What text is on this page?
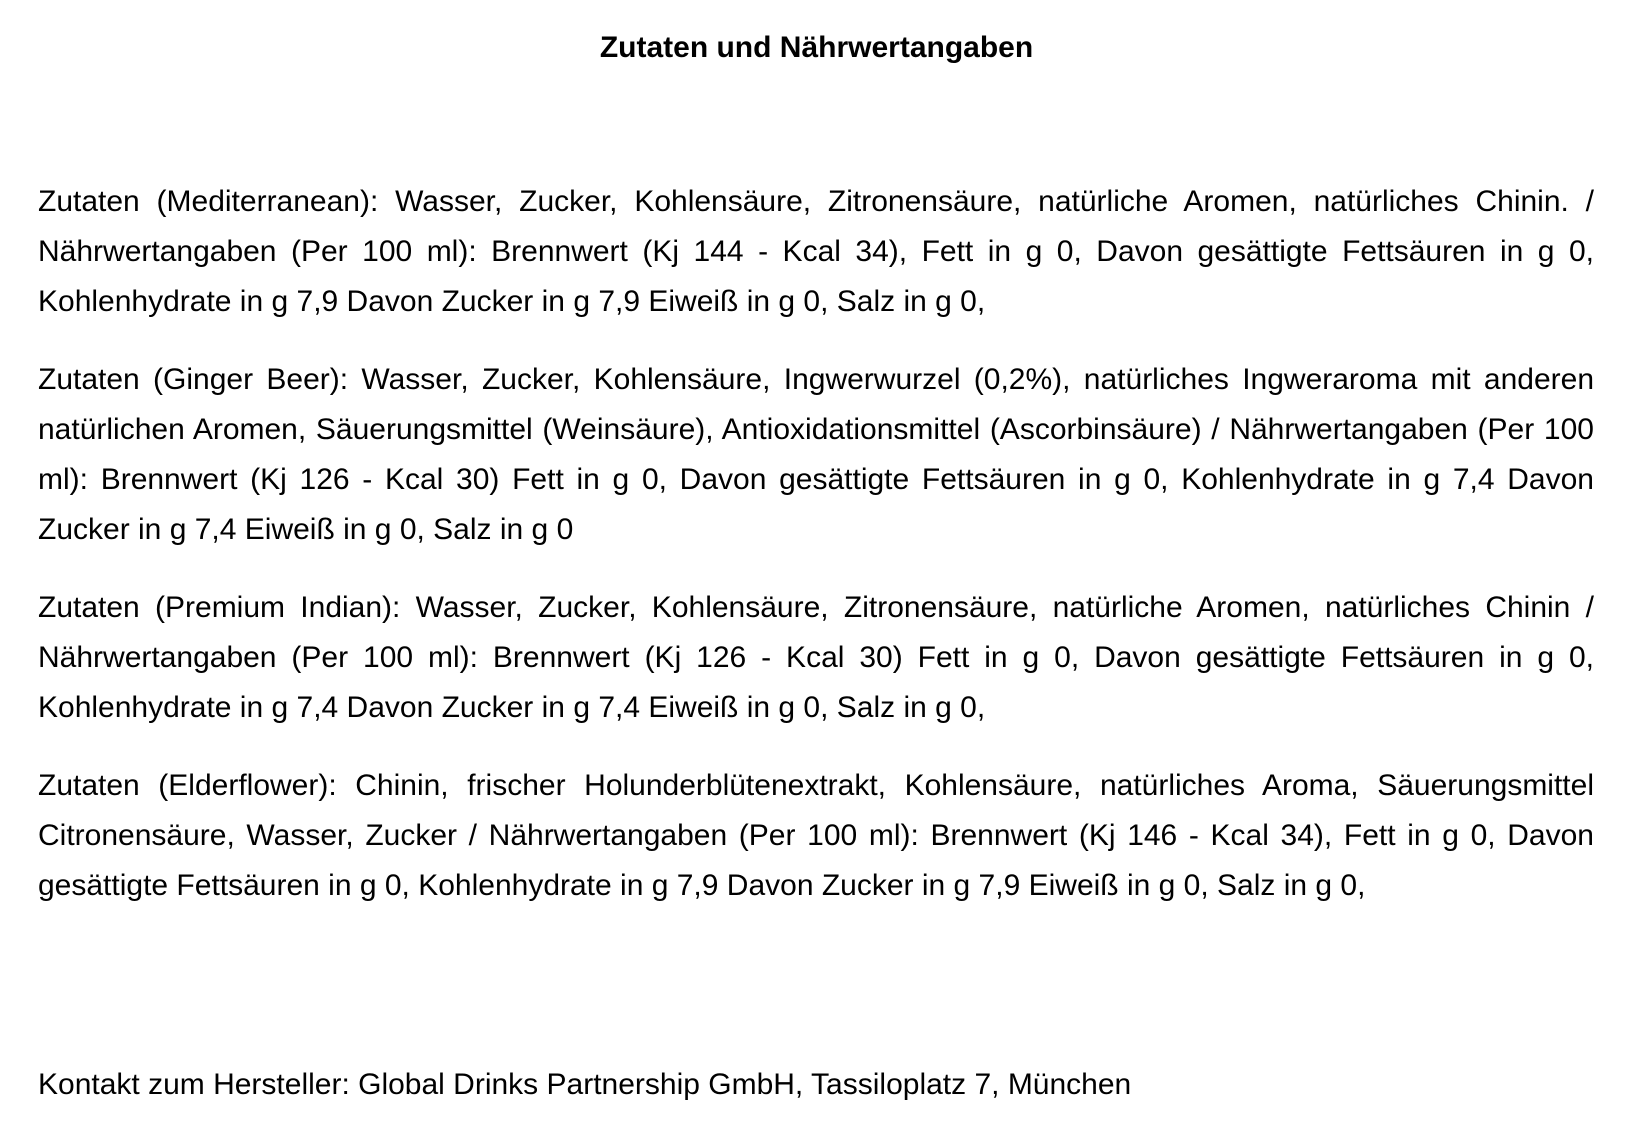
Zutaten und Nährwertangaben

Zutaten (Mediterranean): Wasser, Zucker, Kohlensäure, Zitronensäure, natürliche Aromen, natürliches Chinin. / Nährwertangaben (Per 100 ml): Brennwert (Kj 144 - Kcal 34), Fett in g 0, Davon gesättigte Fettsäuren in g 0, Kohlenhydrate in g 7,9 Davon Zucker in g 7,9 Eiweiß in g 0, Salz in g 0,

Zutaten (Ginger Beer): Wasser, Zucker, Kohlensäure, Ingwerwurzel (0,2%), natürliches Ingweraroma mit anderen natürlichen Aromen, Säuerungsmittel (Weinsäure), Antioxidationsmittel (Ascorbinsäure) / Nährwertangaben (Per 100 ml): Brennwert (Kj 126 - Kcal 30) Fett in g 0, Davon gesättigte Fettsäuren in g 0, Kohlenhydrate in g 7,4 Davon Zucker in g 7,4 Eiweiß in g 0, Salz in g 0

Zutaten (Premium Indian): Wasser, Zucker, Kohlensäure, Zitronensäure, natürliche Aromen, natürliches Chinin / Nährwertangaben (Per 100 ml): Brennwert (Kj 126 - Kcal 30) Fett in g 0, Davon gesättigte Fettsäuren in g 0, Kohlenhydrate in g 7,4 Davon Zucker in g 7,4 Eiweiß in g 0, Salz in g 0,

Zutaten (Elderflower): Chinin, frischer Holunderblütenextrakt, Kohlensäure, natürliches Aroma, Säuerungsmittel Citronensäure, Wasser, Zucker / Nährwertangaben (Per 100 ml): Brennwert (Kj 146 - Kcal 34), Fett in g 0, Davon gesättigte Fettsäuren in g 0, Kohlenhydrate in g 7,9 Davon Zucker in g 7,9 Eiweiß in g 0, Salz in g 0,

Kontakt zum Hersteller: Global Drinks Partnership GmbH, Tassiloplatz 7, München
